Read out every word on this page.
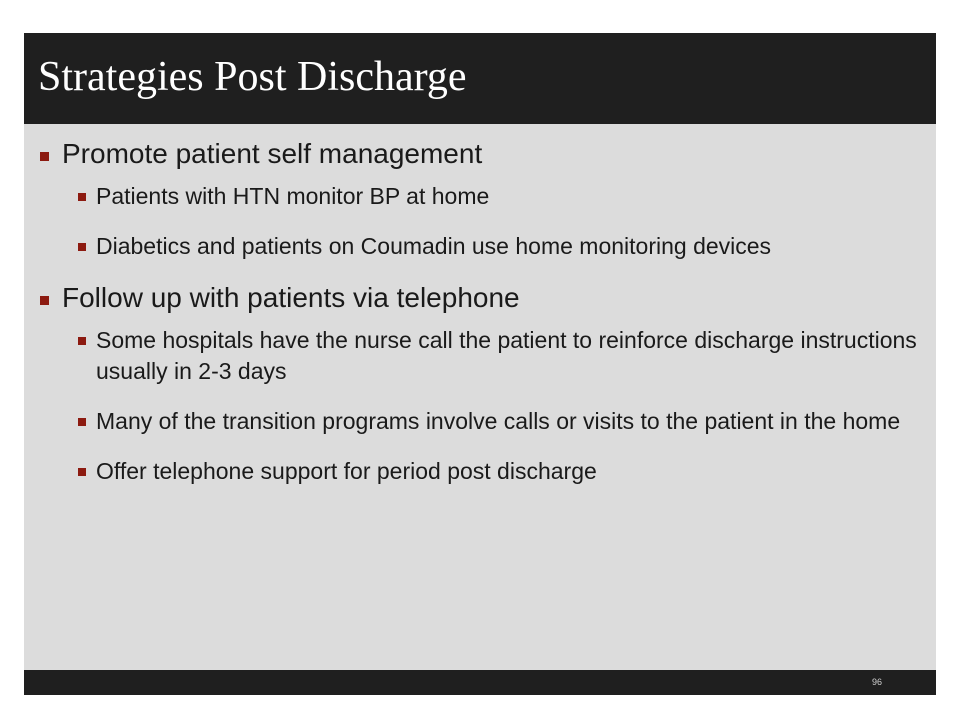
Strategies Post Discharge
Promote patient self management
Patients with HTN monitor BP at home
Diabetics and patients on Coumadin use home monitoring devices
Follow up with patients via telephone
Some hospitals have the nurse call the patient to reinforce discharge instructions usually in 2-3 days
Many of the transition programs involve calls or visits to the patient in the home
Offer telephone support for period post discharge
96
